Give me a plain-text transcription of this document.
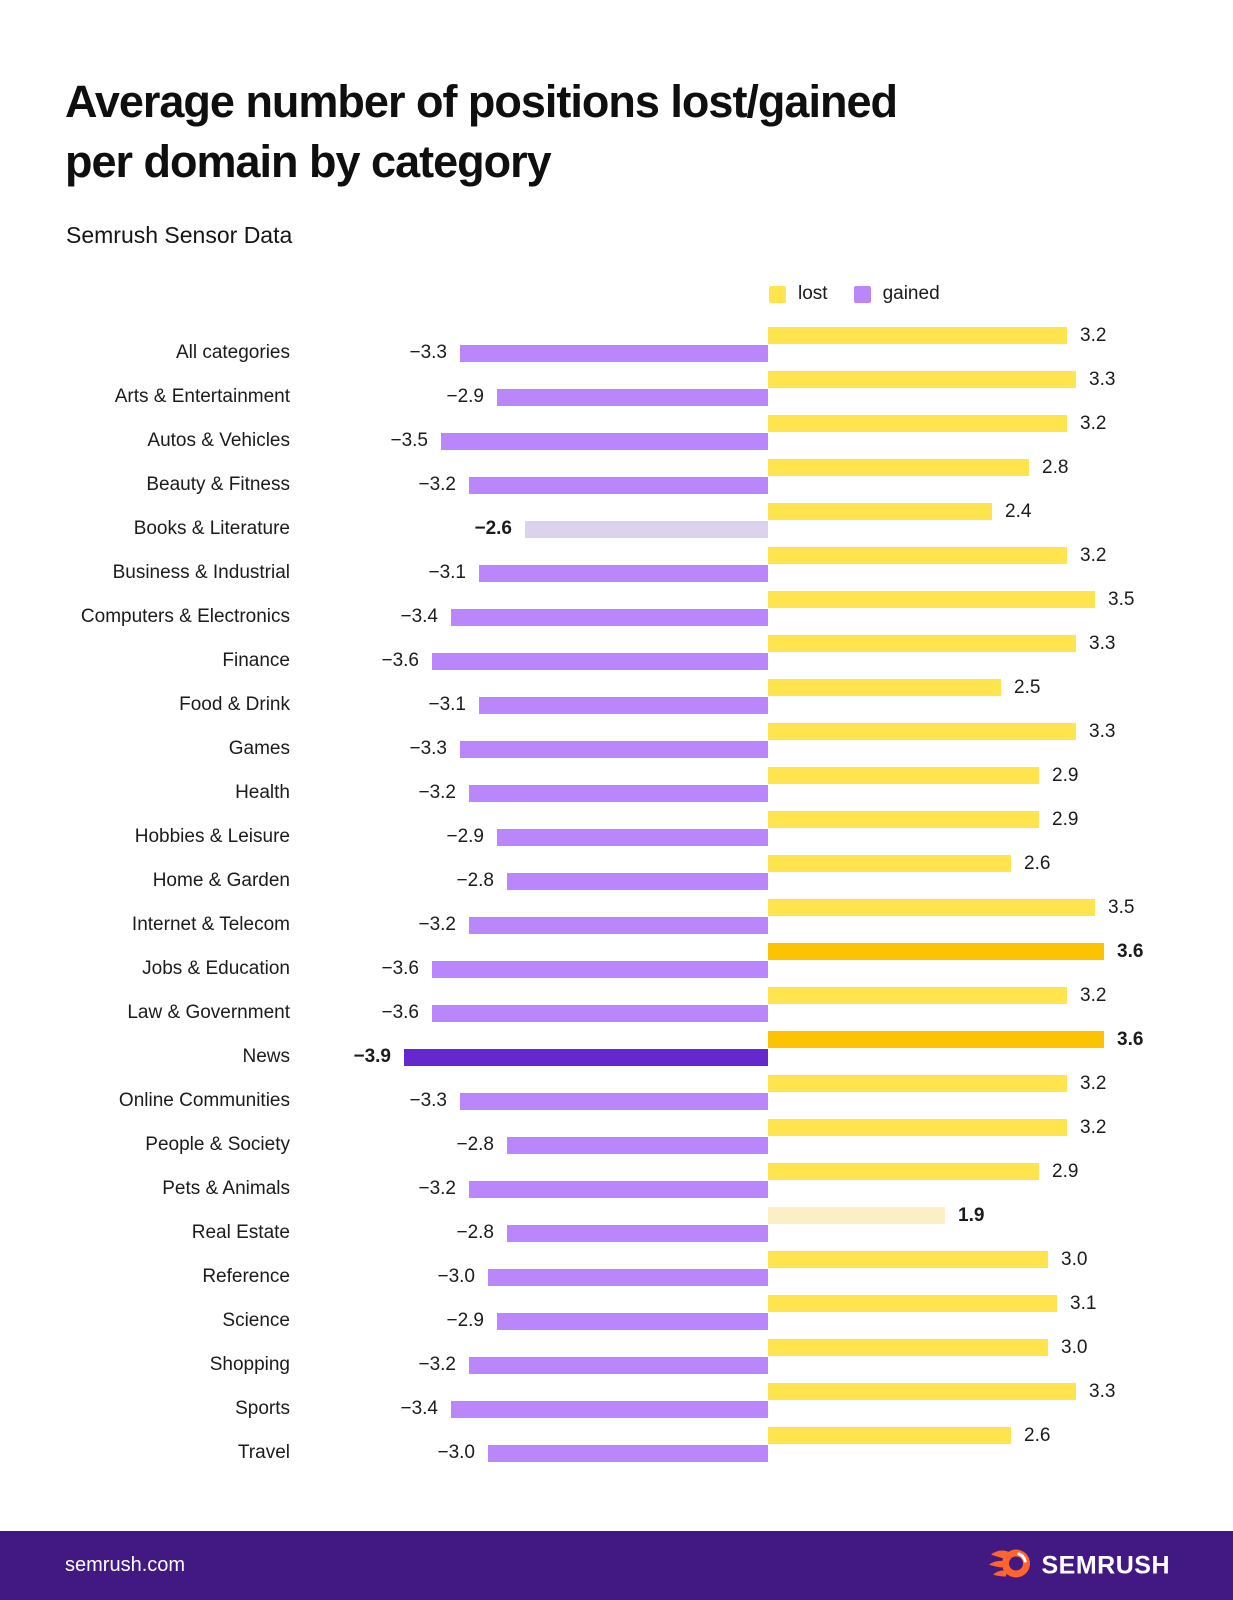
Average number of positions lost/gained
per domain by category
Semrush Sensor Data
lost	gained
All categories
3.2
−3.3
Arts & Entertainment
3.3
−2.9
Autos & Vehicles
3.2
−3.5
Beauty & Fitness
2.8
−3.2
Books & Literature
2.4
−2.6
Business & Industrial
3.2
−3.1
Computers & Electronics
3.5
−3.4
Finance
3.3
−3.6
Food & Drink
2.5
−3.1
Games
3.3
−3.3
Health
2.9
−3.2
Hobbies & Leisure
2.9
−2.9
Home & Garden
2.6
−2.8
Internet & Telecom
3.5
−3.2
Jobs & Education
3.6
−3.6
Law & Government
3.2
−3.6
News
3.6
−3.9
Online Communities
3.2
−3.3
People & Society
3.2
−2.8
Pets & Animals
2.9
−3.2
Real Estate
1.9
−2.8
Reference
3.0
−3.0
Science
3.1
−2.9
Shopping
3.0
−3.2
Sports
3.3
−3.4
Travel
2.6
−3.0
semrush.com	SEMRUSH
